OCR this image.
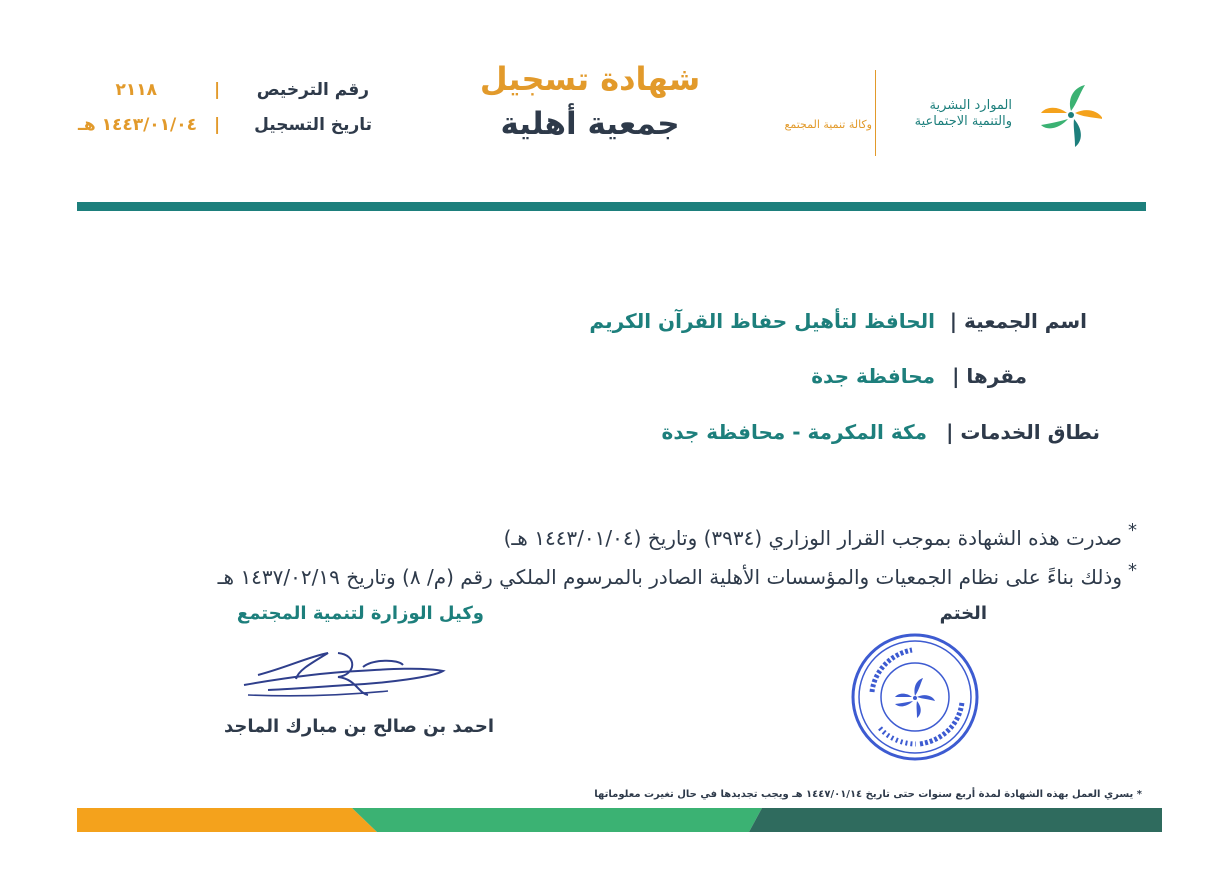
الموارد البشرية
والتنمية الاجتماعية
وكالة تنمية المجتمع
شهادة تسجيل
جمعية أهلية
رقم الترخيص
|
٢١١٨
تاريخ التسجيل
|
١٤٤٣/٠١/٠٤ هـ
اسم الجمعية |
الحافظ لتأهيل حفاظ القرآن الكريم
مقرها |
محافظة جدة
نطاق الخدمات |
مكة المكرمة - محافظة جدة
*
صدرت هذه الشهادة بموجب القرار الوزاري (٣٩٣٤) وتاريخ (١٤٤٣/٠١/٠٤ هـ)
*
وذلك بناءً على نظام الجمعيات والمؤسسات الأهلية الصادر بالمرسوم الملكي رقم (م/ ٨) وتاريخ ١٤٣٧/٠٢/١٩ هـ
وكيل الوزارة لتنمية المجتمع	الختم
احمد بن صالح بن مبارك الماجد
* يسري العمل بهذه الشهادة لمدة أربع سنوات حتى تاريخ ١٤٤٧/٠١/١٤ هـ ويجب تجديدها في حال تغيرت معلوماتها
